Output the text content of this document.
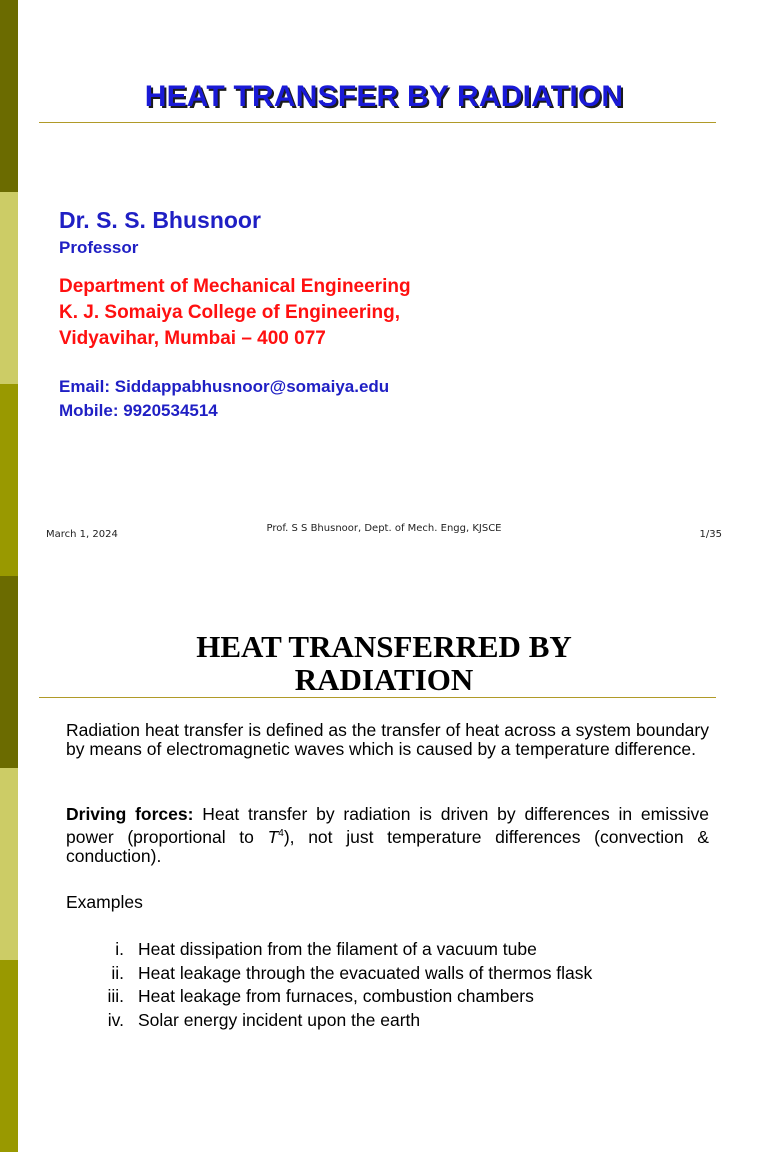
HEAT TRANSFER BY RADIATION
Dr. S. S. Bhusnoor
Professor
Department of Mechanical Engineering
K. J. Somaiya College of Engineering,
Vidyavihar, Mumbai – 400 077
Email: Siddappabhusnoor@somaiya.edu
Mobile: 9920534514
March 1, 2024
Prof. S S Bhusnoor, Dept. of Mech. Engg, KJSCE
1/35
HEAT TRANSFERRED BY
RADIATION
Radiation heat transfer is defined as the transfer of heat across a system boundary by means of electromagnetic waves which is caused by a temperature difference.
Driving forces: Heat transfer by radiation is driven by differences in emissive power (proportional to $T^4$), not just temperature differences (convection & conduction).
Examples
i. Heat dissipation from the filament of a vacuum tube
ii. Heat leakage through the evacuated walls of thermos flask
iii. Heat leakage from furnaces, combustion chambers
iv. Solar energy incident upon the earth
